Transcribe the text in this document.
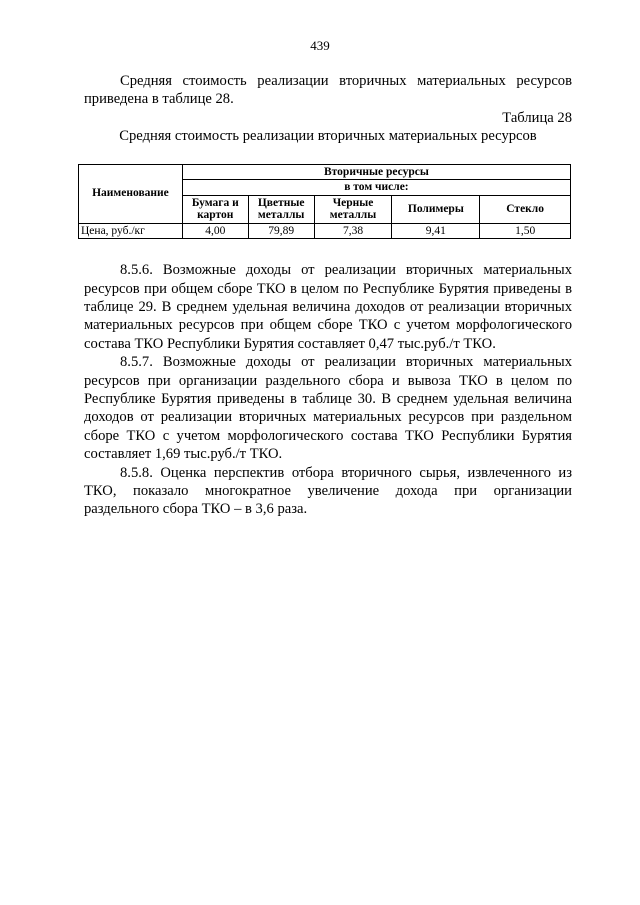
439

Средняя стоимость реализации вторичных материальных ресурсов приведена в таблице 28.

Таблица 28

Средняя стоимость реализации вторичных материальных ресурсов

Наименование	Вторичные ресурсы				
	в том числе:				
	Бумага и картон	Цветные металлы	Черные металлы	Полимеры	Стекло
Цена, руб./кг	4,00	79,89	7,38	9,41	1,50

8.5.6. Возможные доходы от реализации вторичных материальных ресурсов при общем сборе ТКО в целом по Республике Бурятия приведены в таблице 29. В среднем удельная величина доходов от реализации вторичных материальных ресурсов при общем сборе ТКО с учетом морфологического состава ТКО Республики Бурятия составляет 0,47 тыс.руб./т ТКО.

8.5.7. Возможные доходы от реализации вторичных материальных ресурсов при организации раздельного сбора и вывоза ТКО в целом по Республике Бурятия приведены в таблице 30. В среднем удельная величина доходов от реализации вторичных материальных ресурсов при раздельном сборе ТКО с учетом морфологического состава ТКО Республики Бурятия составляет 1,69 тыс.руб./т ТКО.

8.5.8. Оценка перспектив отбора вторичного сырья, извлеченного из ТКО, показало многократное увеличение дохода при организации раздельного сбора ТКО – в 3,6 раза.
